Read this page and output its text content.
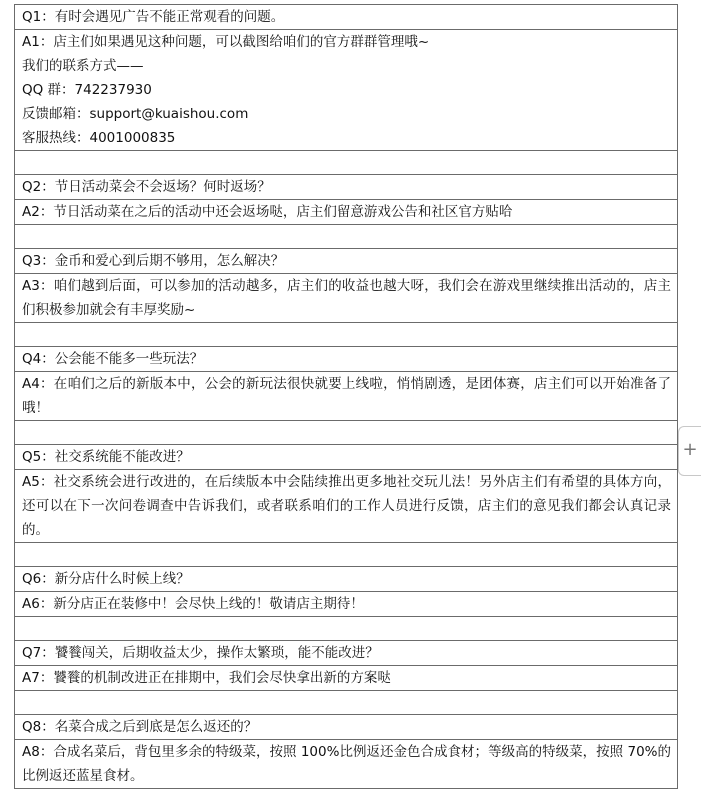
Q1：有时会遇见广告不能正常观看的问题。

A1：店主们如果遇见这种问题，可以截图给咱们的官方群群管理哦~
我们的联系方式——
QQ 群：742237930
反馈邮箱：support@kuaishou.com
客服热线：4001000835

Q2：节日活动菜会不会返场？何时返场？
A2：节日活动菜在之后的活动中还会返场哒，店主们留意游戏公告和社区官方贴哈

Q3：金币和爱心到后期不够用，怎么解决？
A3：咱们越到后面，可以参加的活动越多，店主们的收益也越大呀，我们会在游戏里继续推出活动的，店主们积极参加就会有丰厚奖励~

Q4：公会能不能多一些玩法？
A4：在咱们之后的新版本中，公会的新玩法很快就要上线啦，悄悄剧透，是团体赛，店主们可以开始准备了哦！

Q5：社交系统能不能改进？
A5：社交系统会进行改进的，在后续版本中会陆续推出更多地社交玩儿法！另外店主们有希望的具体方向，还可以在下一次问卷调查中告诉我们，或者联系咱们的工作人员进行反馈，店主们的意见我们都会认真记录的。

Q6：新分店什么时候上线？
A6：新分店正在装修中！会尽快上线的！敬请店主期待！

Q7：饕餮闯关，后期收益太少，操作太繁琐，能不能改进？
A7：饕餮的机制改进正在排期中，我们会尽快拿出新的方案哒

Q8：名菜合成之后到底是怎么返还的？
A8：合成名菜后，背包里多余的特级菜，按照 100%比例返还金色合成食材；等级高的特级菜，按照 70%的比例返还蓝星食材。
+
